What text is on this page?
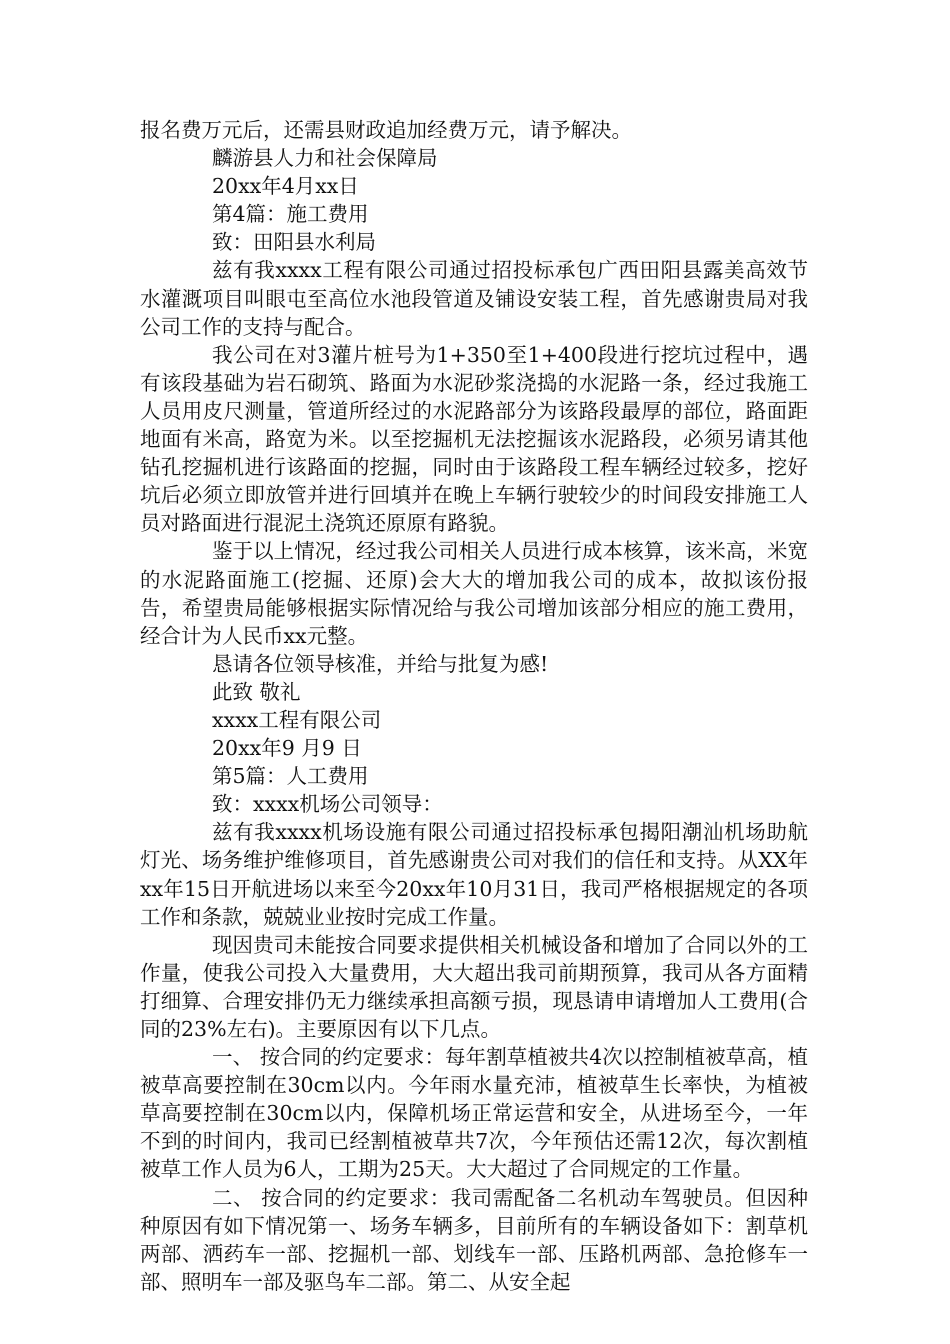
报名费万元后，还需县财政追加经费万元，请予解决。

麟游县人力和社会保障局

20xx年4月xx日

第4篇：施工费用

致：田阳县水利局

兹有我xxxx工程有限公司通过招投标承包广西田阳县露美高效节水灌溉项目叫眼屯至高位水池段管道及铺设安装工程，首先感谢贵局对我公司工作的支持与配合。

我公司在对3灌片桩号为1+350至1+400段进行挖坑过程中，遇有该段基础为岩石砌筑、路面为水泥砂浆浇捣的水泥路一条，经过我施工人员用皮尺测量，管道所经过的水泥路部分为该路段最厚的部位，路面距地面有米高，路宽为米。以至挖掘机无法挖掘该水泥路段，必须另请其他钻孔挖掘机进行该路面的挖掘，同时由于该路段工程车辆经过较多，挖好坑后必须立即放管并进行回填并在晚上车辆行驶较少的时间段安排施工人员对路面进行混泥土浇筑还原原有路貌。

鉴于以上情况，经过我公司相关人员进行成本核算，该米高，米宽的水泥路面施工(挖掘、还原)会大大的增加我公司的成本，故拟该份报告，希望贵局能够根据实际情况给与我公司增加该部分相应的施工费用，经合计为人民币xx元整。

恳请各位领导核准，并给与批复为感!

此致 敬礼

xxxx工程有限公司

20xx年9 月9 日

第5篇：人工费用

致：xxxx机场公司领导：

兹有我xxxx机场设施有限公司通过招投标承包揭阳潮汕机场助航灯光、场务维护维修项目，首先感谢贵公司对我们的信任和支持。从XX年xx年15日开航进场以来至今20xx年10月31日，我司严格根据规定的各项工作和条款，兢兢业业按时完成工作量。

现因贵司未能按合同要求提供相关机械设备和增加了合同以外的工作量，使我公司投入大量费用，大大超出我司前期预算，我司从各方面精打细算、合理安排仍无力继续承担高额亏损，现恳请申请增加人工费用(合同的23%左右)。主要原因有以下几点。

一、 按合同的约定要求：每年割草植被共4次以控制植被草高，植被草高要控制在30cm以内。今年雨水量充沛，植被草生长率快，为植被草高要控制在30cm以内，保障机场正常运营和安全，从进场至今，一年不到的时间内，我司已经割植被草共7次，今年预估还需12次，每次割植被草工作人员为6人，工期为25天。大大超过了合同规定的工作量。

二、 按合同的约定要求：我司需配备二名机动车驾驶员。但因种种原因有如下情况第一、场务车辆多，目前所有的车辆设备如下：割草机两部、洒药车一部、挖掘机一部、划线车一部、压路机两部、急抢修车一部、照明车一部及驱鸟车二部。第二、从安全起
